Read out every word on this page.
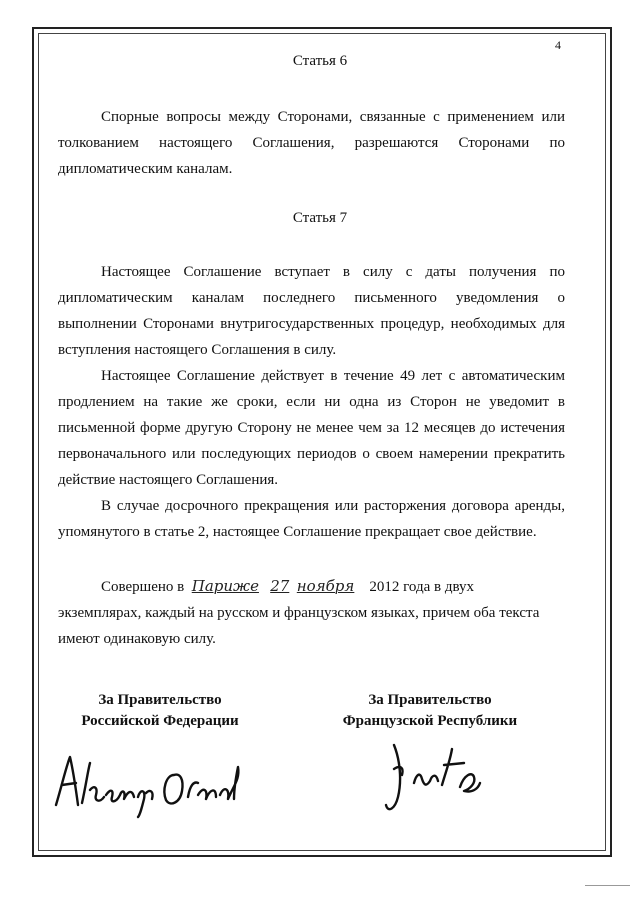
4
Статья 6
Спорные вопросы между Сторонами, связанные с применением или толкованием настоящего Соглашения, разрешаются Сторонами по дипломатическим каналам.
Статья 7
Настоящее Соглашение вступает в силу с даты получения по дипломатическим каналам последнего письменного уведомления о выполнении Сторонами внутригосударственных процедур, необходимых для вступления настоящего Соглашения в силу.
Настоящее Соглашение действует в течение 49 лет с автоматическим продлением на такие же сроки, если ни одна из Сторон не уведомит в письменной форме другую Сторону не менее чем за 12 месяцев до истечения первоначального или последующих периодов о своем намерении прекратить действие настоящего Соглашения.
В случае досрочного прекращения или расторжения договора аренды, упомянутого в статье 2, настоящее Соглашение прекращает свое действие.
Совершено в Париже 27 ноября 2012 года в двух
экземплярах, каждый на русском и французском языках, причем оба текста
имеют одинаковую силу.
За Правительство
Российской Федерации
За Правительство
Французской Республики
